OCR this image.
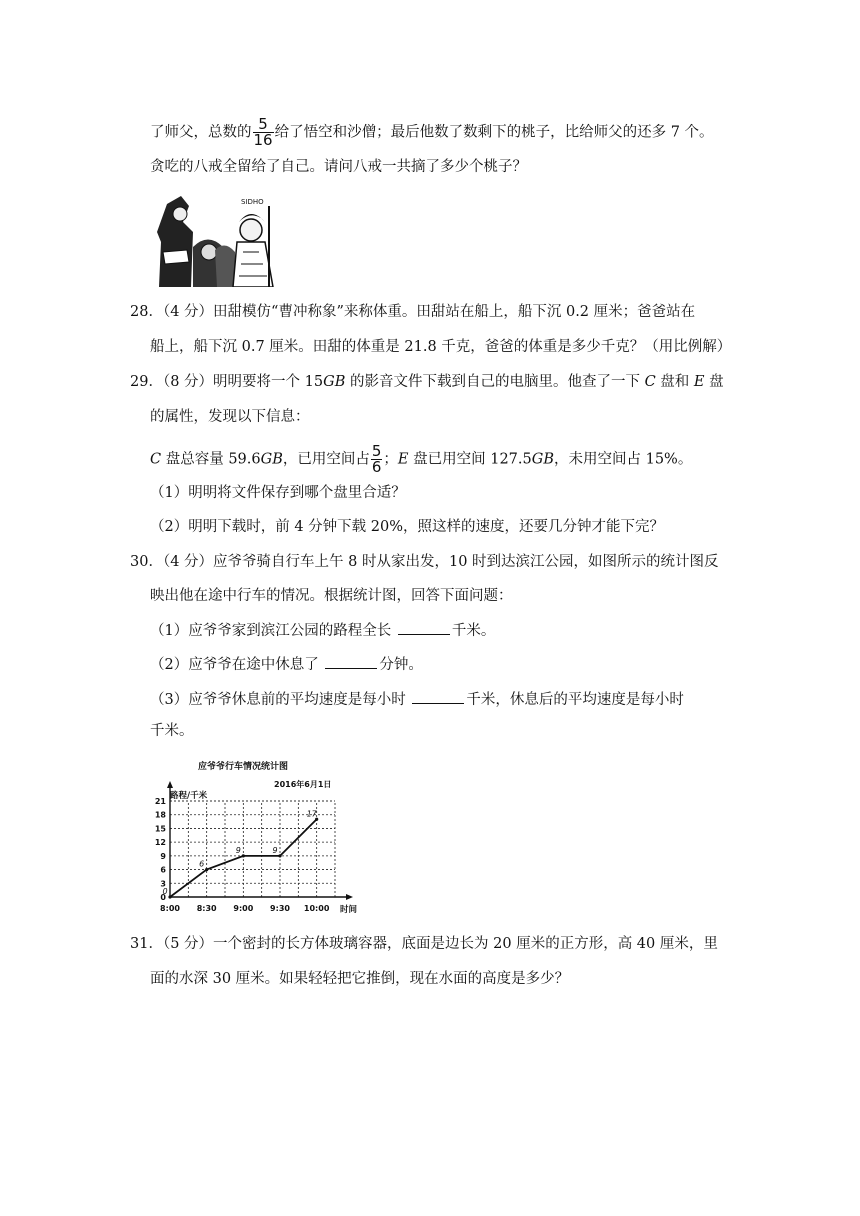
了师父，总数的 $\frac{5}{16}$ 给了悟空和沙僧；最后他数了数剩下的桃子，比给师父的还多 7 个。
贪吃的八戒全留给了自己。请问八戒一共摘了多少个桃子？
SIDHO
28．（4 分）田甜模仿“曹冲称象”来称体重。田甜站在船上，船下沉 0.2 厘米；爸爸站在
船上，船下沉 0.7 厘米。田甜的体重是 21.8 千克，爸爸的体重是多少千克？（用比例解）
29．（8 分）明明要将一个 15GB 的影音文件下载到自己的电脑里。他查了一下 C 盘和 E 盘
的属性，发现以下信息：
C 盘总容量 59.6GB，已用空间占 $\frac{5}{6}$ ；E 盘已用空间 127.5GB，未用空间占 15%。
（1）明明将文件保存到哪个盘里合适？
（2）明明下载时，前 4 分钟下载 20%，照这样的速度，还要几分钟才能下完？
30．（4 分）应爷爷骑自行车上午 8 时从家出发，10 时到达滨江公园，如图所示的统计图反
映出他在途中行车的情况。根据统计图，回答下面问题：
（1）应爷爷家到滨江公园的路程全长	千米。
（2）应爷爷在途中休息了	分钟。
（3）应爷爷休息前的平均速度是每小时	千米，休息后的平均速度是每小时
千米。
应爷爷行车情况统计图
2016年6月1日
路程/千米
时间
0
3
6
9
12
15
18
21
8:00 8:30 9:00 9:30 10:00
0
6
9	9
17
31．（5 分）一个密封的长方体玻璃容器，底面是边长为 20 厘米的正方形，高 40 厘米，里
面的水深 30 厘米。如果轻轻把它推倒，现在水面的高度是多少？
